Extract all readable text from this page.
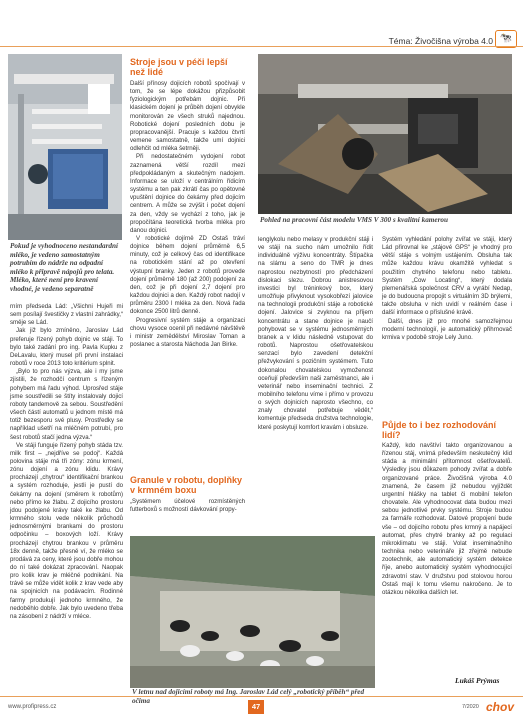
Téma: Živočišna výroba 4.0 🐄
Pokud je vyhodnoceno nestandardní mléko, je vedeno samostatným potrubím do nádrže na odpadní mléko k připravě nápojů pro telata. Mléko, které není pro kravení vhodné, je vedeno separatně

rním předseda Lád: „Všichni Hujeři mi sem posílají švestičky z vlastní zahrádky,“ směje se Lád.

Jak již bylo zmíněno, Jaroslav Lád preferuje řízený pohyb dojnic ve stáji. To bylo také zadání pro ing. Pavla Kupku z DeLavalu, který musel při první instalaci robotů v roce 2013 toto kritérium splnit.

„Bylo to pro nás výzva, ale i my jsme zjistili, že rozhodčí centrum s řízeným pohybem má řadu výhod. Uprosřed stáje jsme soustředili se štíty instalovaly dojicí roboty tandemově za sebou. Soustředění všech částí automatů u jednom místě má totiž bezesporu své plusy. Prostředky se například ušetří na mléčném potrubí, pro šest robotů stačí jedna výzva.“

Ve stáji funguje řízený pohyb stáda tzv. milk first – „nejdříve se podoj“. Každá polovina stáje má tři zóny: zónu krmení, zónu dojení a zónu klidu. Krávy procházejí „chytrou“ identifikační brankou a systém rozhoduje, jestli je pustí do čekárny na dojení (směrem k robotům) nebo přímo ke žlabu. Z dojicího prostoru jdou podojené krávy také ke žlabu. Od krmného stolu vede několik průchodů jednosměrnými brankami do prostoru odpočinku – boxových loží. Krávy procházejí chytrou brankou v průměru 18x denně, takže přesně ví, že mléko se prodává za ceny, které jsou dobře mohou do ní také dokázat zpracování. Naopak pro kolik krav je mléčné podnikání. Na trávě se může vidět kolik z krav vede aby na spojnicích na podávacím. Rodinné farmy produkují jednoho krmného, že nedoběhlo dobře. Jak bylo uvedeno třeba na zásobení z nádrží v mléce.

Stroje jsou v péči lepší než lidé

Další přínosy dojicích robotů spočívají v tom, že se lépe dokážou přizpůsobit fyziologickým potřebám dojnic. Při klasickém dojení je průběh dojení obvykle monitorován ze všech struků najednou. Robotické dojení posledních dobu je propracovanější. Pracuje s každou čtvrtí vemene samostatně, takže umí dojnici odlehčit od mléka šetrněji.

Při nedostatečném vydojení robot zaznamená větší rozdíl mezi předpokládaným a skutečným nadojem. Informace se uloží v centrálním řídicím systému a ten pak zkrátí čas po opětovné vpuštění dojnice do čekárny před dojicím centrem. A může se zvýšit i počet dojení za den, vždy se vychází z toho, jak je propočítána teoretická tvorba mléka pro danou dojnici.

V robotické dojírně ZD Ostaš tráví dojnice během dojení průměrně 6,5 minuty, což je celkový čas od identifikace na robotickém stání až po otevření výstupní branky. Jeden z robotů provede dojení průměrně 180 (až 200) podojení za den, což je při dojení 2,7 dojení pro každou dojnici a den. Každý robot nadojí v průměru 2300 l mléka za den. Nová řada dokonce 2500 litrů denně.

Progresivní systém stáje a organizaci chovu vysoce ocenil při nedávné návštěvě i ministr zemědělství Miroslav Toman a poslanec a starosta Náchoda Jan Birke.

Granule v robotu, doplňky v krmném boxu

„Systémem účelové rozmístěných futterboxů s možností dávkování propy-

Pohled na pracovní část modelu VMS V 300 s kvalitní kamerou
V letnu nad dojicími roboty má Ing. Jaroslav Lád celý „robotický příběh“ před očima

lenglykolu nebo melasy v produkční stáji i ve stáji na sucho nám umožnilo řídit individuálně výživu koncentráty. Štípačka na slámu a seno do TMR je dnes naprostou nezbytností pro předcházení dislokaci slezu. Dobrou anistresovou investici byl tréninkový box, který umožňuje přivyknout vysokobřezí jalovice na technologii produkční stáje a robotické dojení. Jalovice si zvyknou na příjem koncentrátu a stane dojnice je naučí pohybovat se v systému jednosměrných branek a v klidu následně vstupovat do robotů. Naprostou ošetřovatelskou senzací bylo zavedení detekční přežvykování s pozičním systémem. Tuto dokonalou chovatelskou vymoženost oceňují především naši zaměstnanci, ale i veterinář nebo inseminační technici. Z mobilního telefonu víme i přímo v provozu o svých dojnicích naprosto všechno, co znaly chovatel potřebuje vědět,“ komentuje předseda družstva technologie, které poskytují komfort kravám i obsluze.

Systém vyhledání polohy zvířat ve stáji, který Lád přirovnal ke „stájové GPS“ je vhodný pro větší stáje s volným ustájením. Obsluha tak může každou krávu okamžitě vyhledat s použitím chytrého telefonu nebo tabletu. Systém „Cow Locating“, který dodala plemenářská společnost CRV a vyrábí Nedap, je do budoucna propojit s virtuálním 3D brýlemi, takže obsluha v nich uvidí v reálném čase i další informace o příslušné krávě.

Další, dnes již pro mnohé samozřejmou moderní technologií, je automatický přihrnovač krmiva v podobě stroje Lely Juno.

Půjde to i bez rozhodování lidí?

Každý, kdo navštíví takto organizovanou a řízenou stáj, vnímá především neskutečný klid stáda a minimální přítomnost ošetřovatelů. Výsledky jsou důkazem pohody zvířat a dobře organizované práce. Živočišná výroba 4.0 znamená, že časem již nebudou vyjíždět urgentní hlášky na tablet či mobilní telefon chovatele. Ale vyhodnocovat data budou mezi sebou jednotlivé prvky systému. Stroje budou za farmáře rozhodovat. Datové propojení bude vše – od dojicího robotu přes krmný a napájecí automat, přes chytré branky až po regulaci mikroklimatu ve stáji. Volat inseminačního technika nebo veterináře již zřejmě nebude zootechnik, ale automatický systém detekce říje, anebo automatický systém vyhodnocující zdravotní stav. V družstvu pod stolovou horou Ostaš mají k tomu všemu nakročeno. Je to otázkou několika dalších let.

Lukáš Prýmas
www.profipress.cz	47	7/2020 chov
